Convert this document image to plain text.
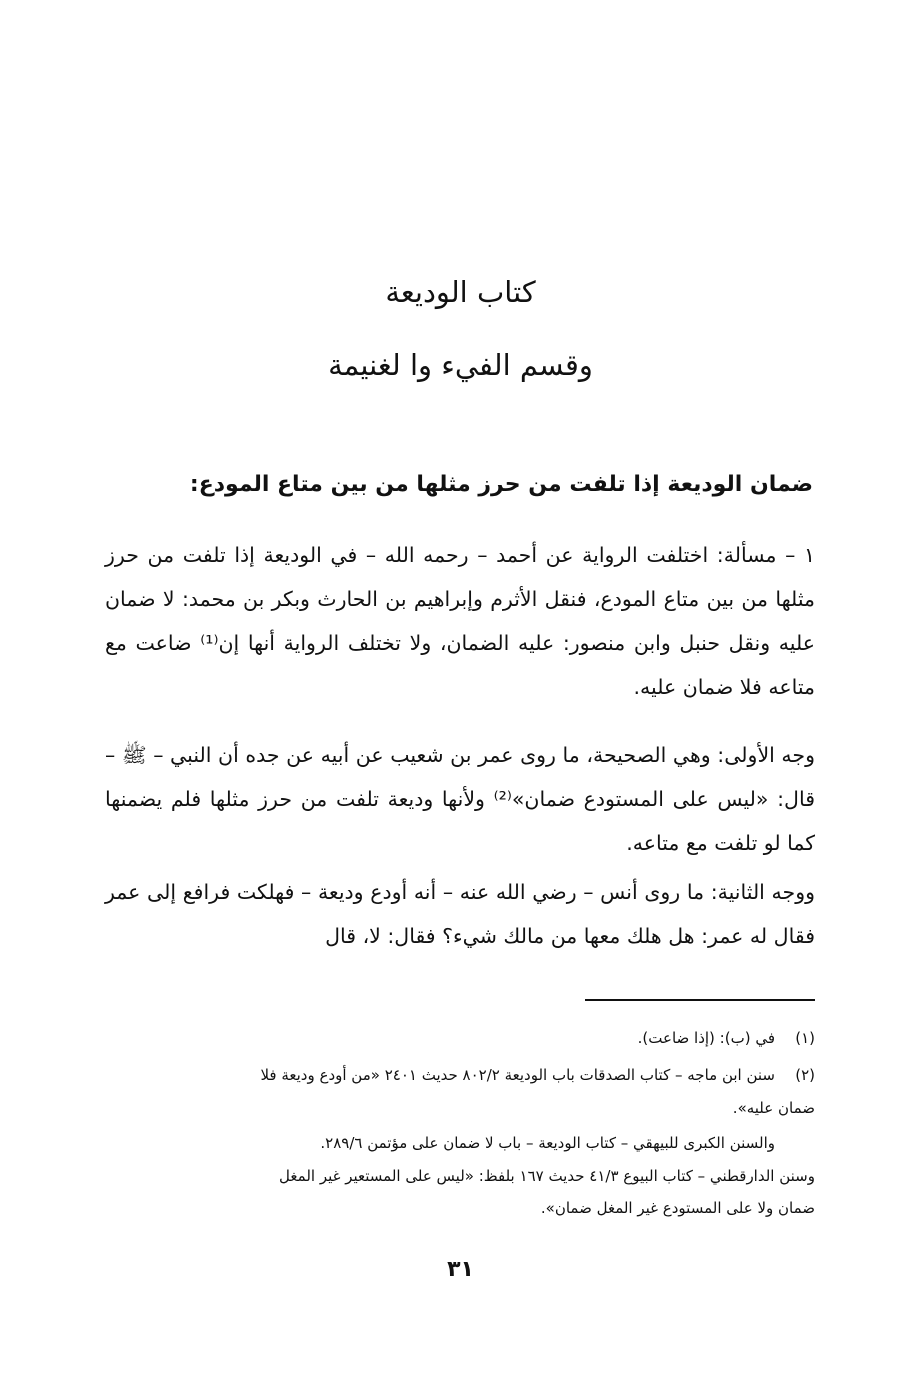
كتاب الوديعة
وقسم الفيء وا لغنيمة
ضمان الوديعة إذا تلفت من حرز مثلها من بين متاع المودع:
١ – مسألة: اختلفت الرواية عن أحمد – رحمه الله – في الوديعة إذا تلفت من حرز مثلها من بين متاع المودع، فنقل الأثرم وإبراهيم بن الحارث وبكر بن محمد: لا ضمان عليه ونقل حنبل وابن منصور: عليه الضمان، ولا تختلف الرواية أنها إن⁽¹⁾ ضاعت مع متاعه فلا ضمان عليه.
وجه الأولى: وهي الصحيحة، ما روى عمر بن شعيب عن أبيه عن جده أن النبي – ﷺ – قال: «ليس على المستودع ضمان»⁽²⁾ ولأنها وديعة تلفت من حرز مثلها فلم يضمنها كما لو تلفت مع متاعه.
ووجه الثانية: ما روى أنس – رضي الله عنه – أنه أودع وديعة – فهلكت فرافع إلى عمر فقال له عمر: هل هلك معها من مالك شيء؟ فقال: لا، قال
(١)
في (ب): (إذا ضاعت).
(٢)
سنن ابن ماجه – كتاب الصدقات باب الوديعة ٨٠٢/٢ حديث ٢٤٠١ «من أودع وديعة فلا
ضمان عليه».
والسنن الكبرى للبيهقي – كتاب الوديعة – باب لا ضمان على مؤتمن ٢٨٩/٦.
وسنن الدارقطني – كتاب البيوع ٤١/٣ حديث ١٦٧ بلفظ: «ليس على المستعير غير المغل
ضمان ولا على المستودع غير المغل ضمان».
٣١
